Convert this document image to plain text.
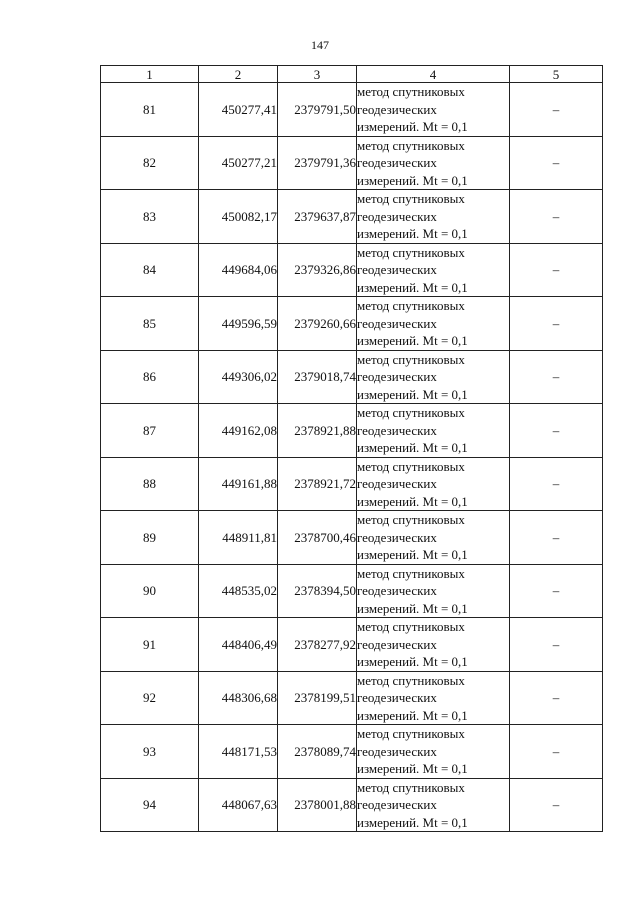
147
1	2	3	4	5
81	450277,41	2379791,50	метод спутниковых
геодезических
измерений. Mt = 0,1	–
82	450277,21	2379791,36	метод спутниковых
геодезических
измерений. Mt = 0,1	–
83	450082,17	2379637,87	метод спутниковых
геодезических
измерений. Mt = 0,1	–
84	449684,06	2379326,86	метод спутниковых
геодезических
измерений. Mt = 0,1	–
85	449596,59	2379260,66	метод спутниковых
геодезических
измерений. Mt = 0,1	–
86	449306,02	2379018,74	метод спутниковых
геодезических
измерений. Mt = 0,1	–
87	449162,08	2378921,88	метод спутниковых
геодезических
измерений. Mt = 0,1	–
88	449161,88	2378921,72	метод спутниковых
геодезических
измерений. Mt = 0,1	–
89	448911,81	2378700,46	метод спутниковых
геодезических
измерений. Mt = 0,1	–
90	448535,02	2378394,50	метод спутниковых
геодезических
измерений. Mt = 0,1	–
91	448406,49	2378277,92	метод спутниковых
геодезических
измерений. Mt = 0,1	–
92	448306,68	2378199,51	метод спутниковых
геодезических
измерений. Mt = 0,1	–
93	448171,53	2378089,74	метод спутниковых
геодезических
измерений. Mt = 0,1	–
94	448067,63	2378001,88	метод спутниковых
геодезических
измерений. Mt = 0,1	–
